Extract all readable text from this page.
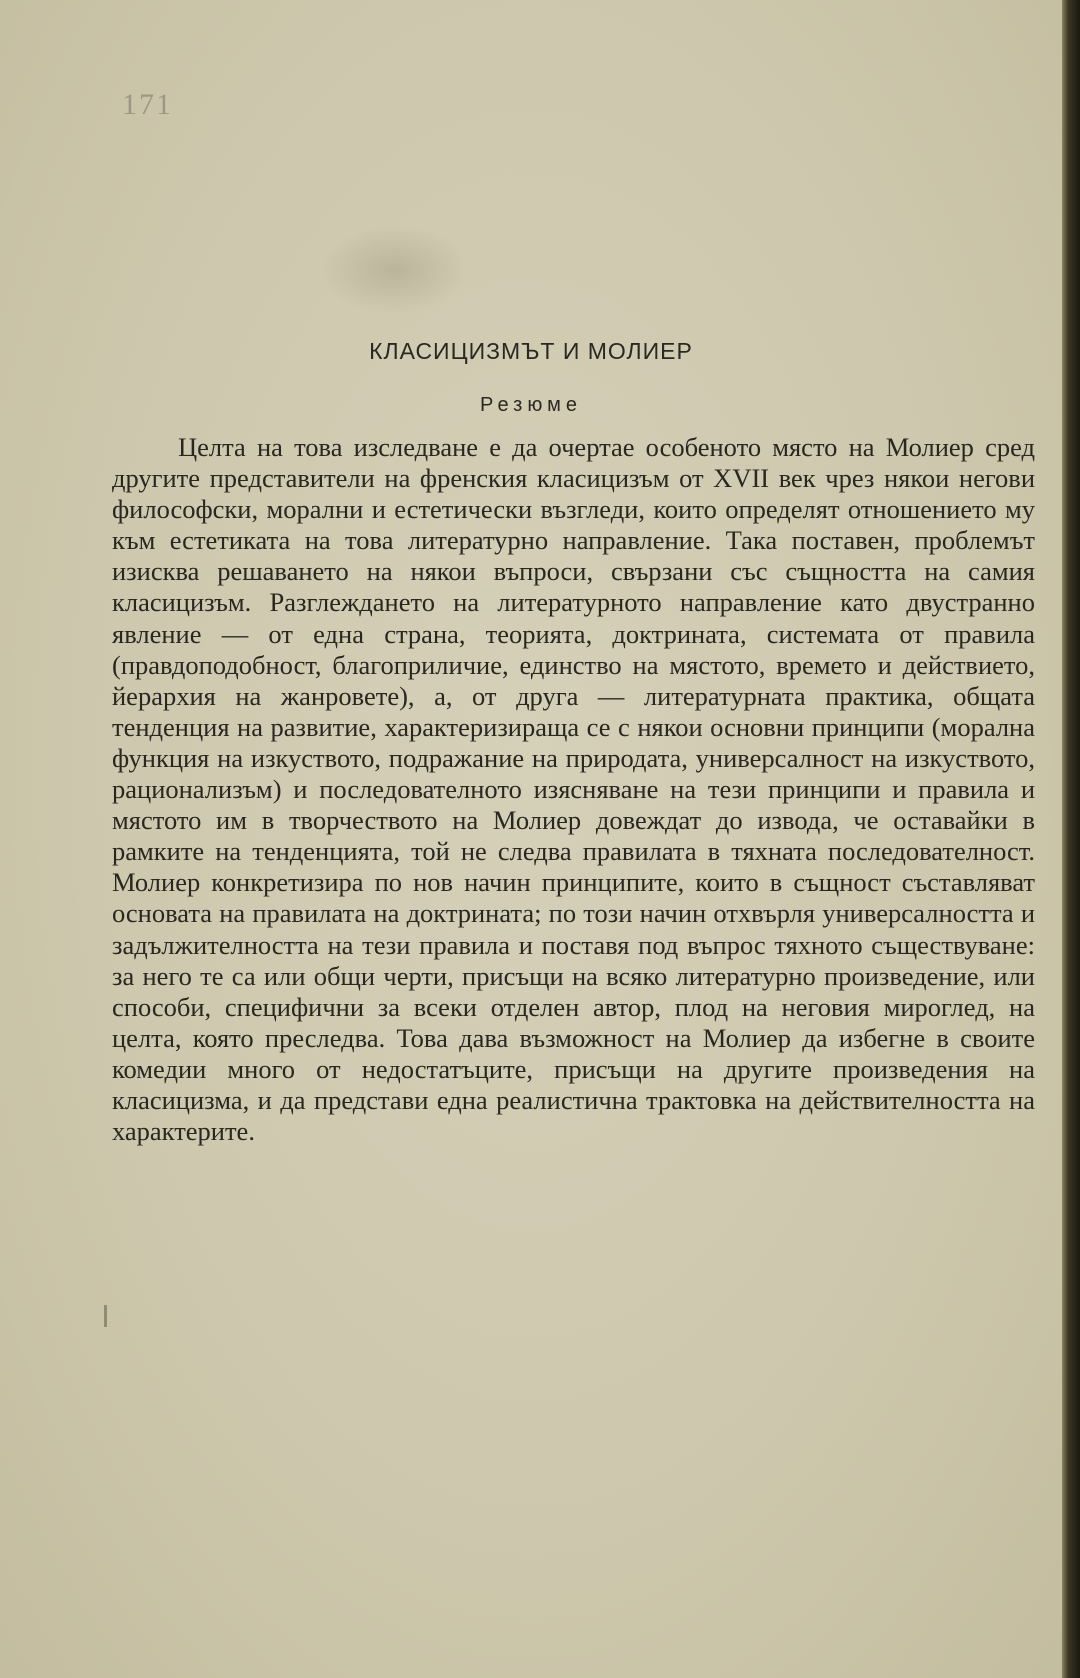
171
КЛАСИЦИЗМЪТ И МОЛИЕР
Резюме

Целта на това изследване е да очертае особеното място на Молиер сред другите представители на френския класицизъм от XVII век чрез някои негови философски, морални и естетически възгледи, които определят отношението му към естетиката на това литературно направление. Така поставен, проблемът изисква решаването на някои въпроси, свързани със същността на самия класицизъм. Разглеждането на литературното направление като двустранно явление — от една страна, теорията, доктрината, системата от правила (правдоподобност, благоприличие, единство на мястото, времето и действието, йерархия на жанровете), а, от друга — литературната практика, общата тенденция на развитие, характеризираща се с някои основни принципи (морална функция на изкуството, подражание на природата, универсалност на изкуството, рационализъм) и последователното изясняване на тези принципи и правила и мястото им в творчеството на Молиер довеждат до извода, че оставайки в рамките на тенденцията, той не следва правилата в тяхната последователност. Молиер конкретизира по нов начин принципите, които в същност съставляват основата на правилата на доктрината; по този начин отхвърля универсалността и задължителността на тези правила и поставя под въпрос тяхното съществуване: за него те са или общи черти, присъщи на всяко литературно произведение, или способи, специфични за всеки отделен автор, плод на неговия мироглед, на целта, която преследва. Това дава възможност на Молиер да избегне в своите комедии много от недостатъците, присъщи на другите произведения на класицизма, и да представи една реалистична трактовка на действителността на характерите.
